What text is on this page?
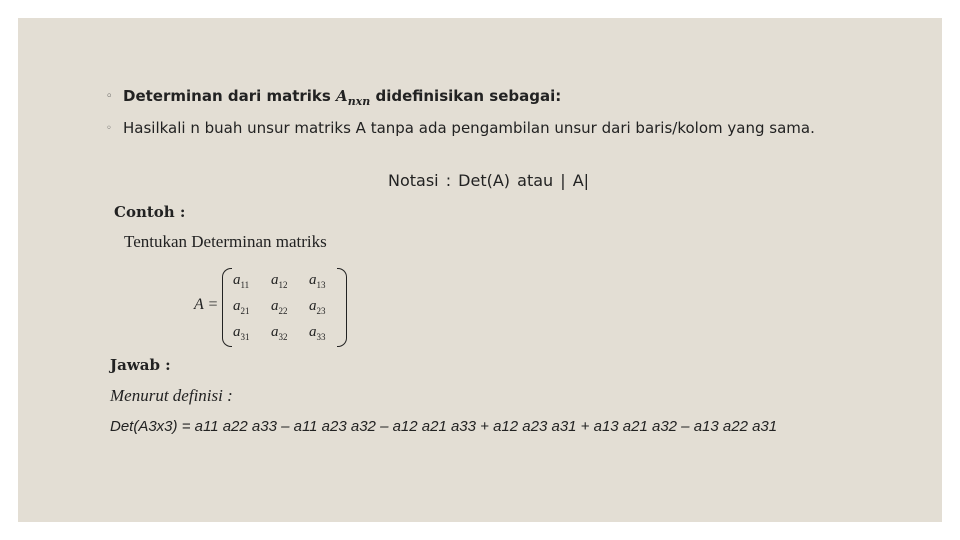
◦ Determinan dari matriks $A_{nxn}$ didefinisikan sebagai:
◦ Hasilkali n buah unsur matriks A tanpa ada pengambilan unsur dari baris/kolom yang sama.
Notasi : Det(A) atau | A|
Contoh :
Tentukan Determinan matriks
A =
$a_{11}$ $a_{12}$ $a_{13}$
$a_{21}$ $a_{22}$ $a_{23}$
$a_{31}$ $a_{32}$ $a_{33}$
Jawab :
Menurut definisi :
Det(A3x3) = a11 a22 a33 – a11 a23 a32 – a12 a21 a33 + a12 a23 a31 + a13 a21 a32 – a13 a22 a31
